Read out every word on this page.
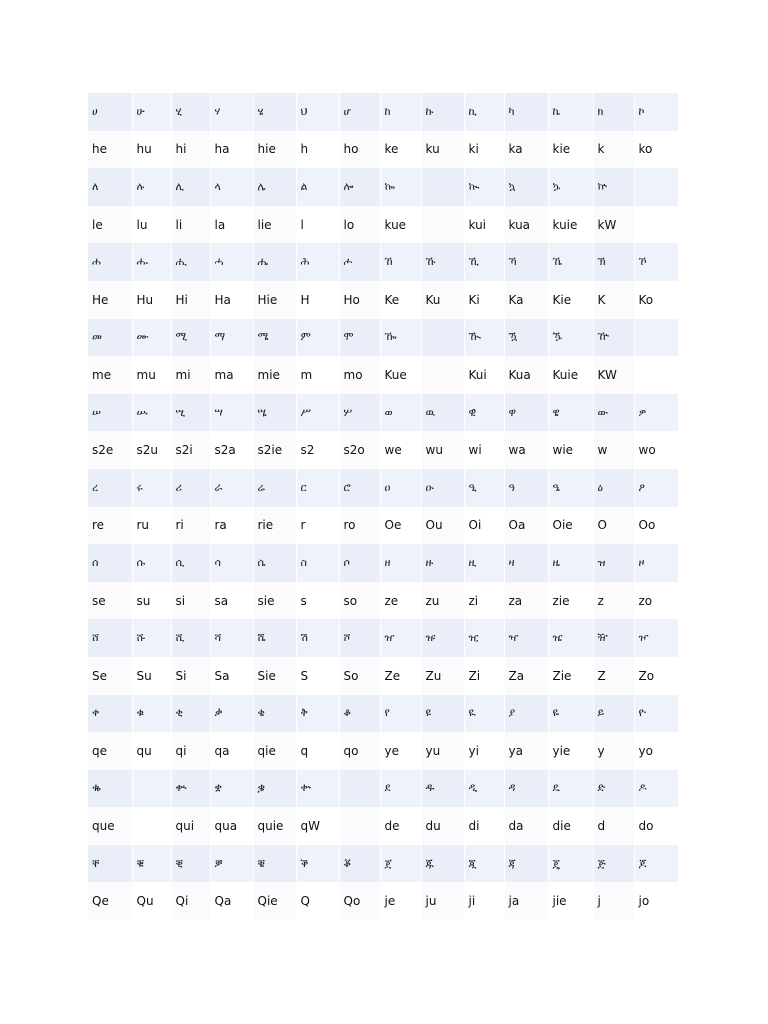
ሀ	ሁ	ሂ	ሃ	ሄ	ህ	ሆ	ከ	ኩ	ኪ	ካ	ኬ	ክ	ኮ
he	hu	hi	ha	hie	h	ho	ke	ku	ki	ka	kie	k	ko
ለ	ሉ	ሊ	ላ	ሌ	ል	ሎ	ኰ		ኲ	ኳ	ኴ	ኵ	
le	lu	li	la	lie	l	lo	kue		kui	kua	kuie	kW	
ሐ	ሑ	ሒ	ሓ	ሔ	ሕ	ሖ	ኸ	ኹ	ኺ	ኻ	ኼ	ኽ	ኾ
He	Hu	Hi	Ha	Hie	H	Ho	Ke	Ku	Ki	Ka	Kie	K	Ko
መ	ሙ	ሚ	ማ	ሜ	ም	ሞ	ዀ		ዂ	ዃ	ዄ	ዅ	
me	mu	mi	ma	mie	m	mo	Kue		Kui	Kua	Kuie	KW	
ሠ	ሡ	ሢ	ሣ	ሤ	ሥ	ሦ	ወ	ዉ	ዊ	ዋ	ዌ	ው	ዎ
s2e	s2u	s2i	s2a	s2ie	s2	s2o	we	wu	wi	wa	wie	w	wo
ረ	ሩ	ሪ	ራ	ሬ	ር	ሮ	ዐ	ዑ	ዒ	ዓ	ዔ	ዕ	ዖ
re	ru	ri	ra	rie	r	ro	Oe	Ou	Oi	Oa	Oie	O	Oo
ሰ	ሱ	ሲ	ሳ	ሴ	ስ	ሶ	ዘ	ዙ	ዚ	ዛ	ዜ	ዝ	ዞ
se	su	si	sa	sie	s	so	ze	zu	zi	za	zie	z	zo
ሸ	ሹ	ሺ	ሻ	ሼ	ሽ	ሾ	ዠ	ዡ	ዢ	ዣ	ዤ	ዥ	ዦ
Se	Su	Si	Sa	Sie	S	So	Ze	Zu	Zi	Za	Zie	Z	Zo
ቀ	ቁ	ቂ	ቃ	ቄ	ቅ	ቆ	የ	ዩ	ዪ	ያ	ዬ	ይ	ዮ
qe	qu	qi	qa	qie	q	qo	ye	yu	yi	ya	yie	y	yo
ቈ		ቊ	ቋ	ቌ	ቍ		ደ	ዱ	ዲ	ዳ	ዴ	ድ	ዶ
que		qui	qua	quie	qW		de	du	di	da	die	d	do
ቐ	ቑ	ቒ	ቓ	ቔ	ቕ	ቖ	ጀ	ጁ	ጂ	ጃ	ጄ	ጅ	ጆ
Qe	Qu	Qi	Qa	Qie	Q	Qo	je	ju	ji	ja	jie	j	jo
